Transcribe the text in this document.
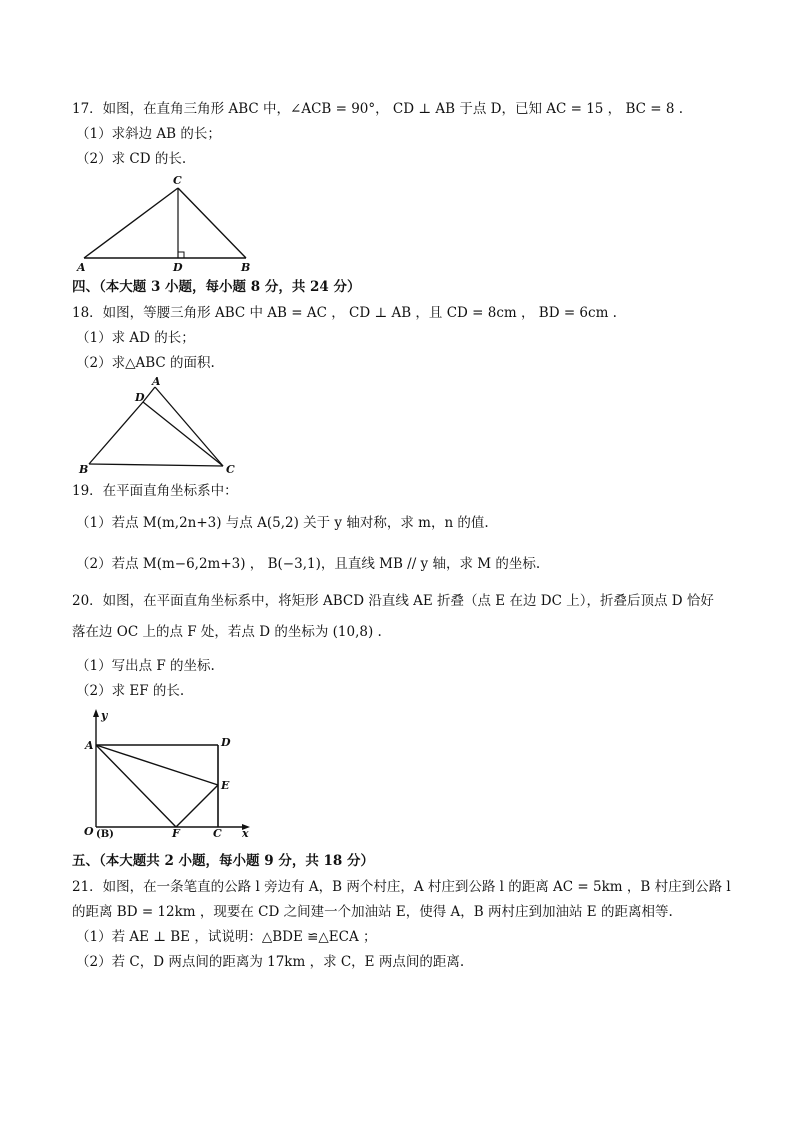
17．如图，在直角三角形 ABC 中，∠ACB = 90°， CD ⊥ AB 于点 D，已知 AC = 15 ， BC = 8 .
（1）求斜边 AB 的长；
（2）求 CD 的长.
C
A	D	B
四、（本大题 3 小题，每小题 8 分，共 24 分）
18．如图，等腰三角形 ABC 中 AB = AC ， CD ⊥ AB ，且 CD = 8cm ， BD = 6cm .
（1）求 AD 的长；
（2）求△ABC 的面积.
A
D
B	C
19．在平面直角坐标系中：
（1）若点 M(m,2n+3) 与点 A(5,2) 关于 y 轴对称，求 m，n 的值.
（2）若点 M(m−6,2m+3) ， B(−3,1)，且直线 MB // y 轴，求 M 的坐标.
20．如图，在平面直角坐标系中，将矩形 ABCD 沿直线 AE 折叠（点 E 在边 DC 上），折叠后顶点 D 恰好
落在边 OC 上的点 F 处，若点 D 的坐标为 (10,8) .
（1）写出点 F 的坐标.
（2）求 EF 的长.
y
x
A	D
E
O (B)	F	C
五、（本大题共 2 小题，每小题 9 分，共 18 分）
21．如图，在一条笔直的公路 l 旁边有 A，B 两个村庄，A 村庄到公路 l 的距离 AC = 5km ，B 村庄到公路 l
的距离 BD = 12km ，现要在 CD 之间建一个加油站 E，使得 A，B 两村庄到加油站 E 的距离相等.
（1）若 AE ⊥ BE ，试说明：△BDE ≌△ECA ；
（2）若 C，D 两点间的距离为 17km ，求 C，E 两点间的距离.
